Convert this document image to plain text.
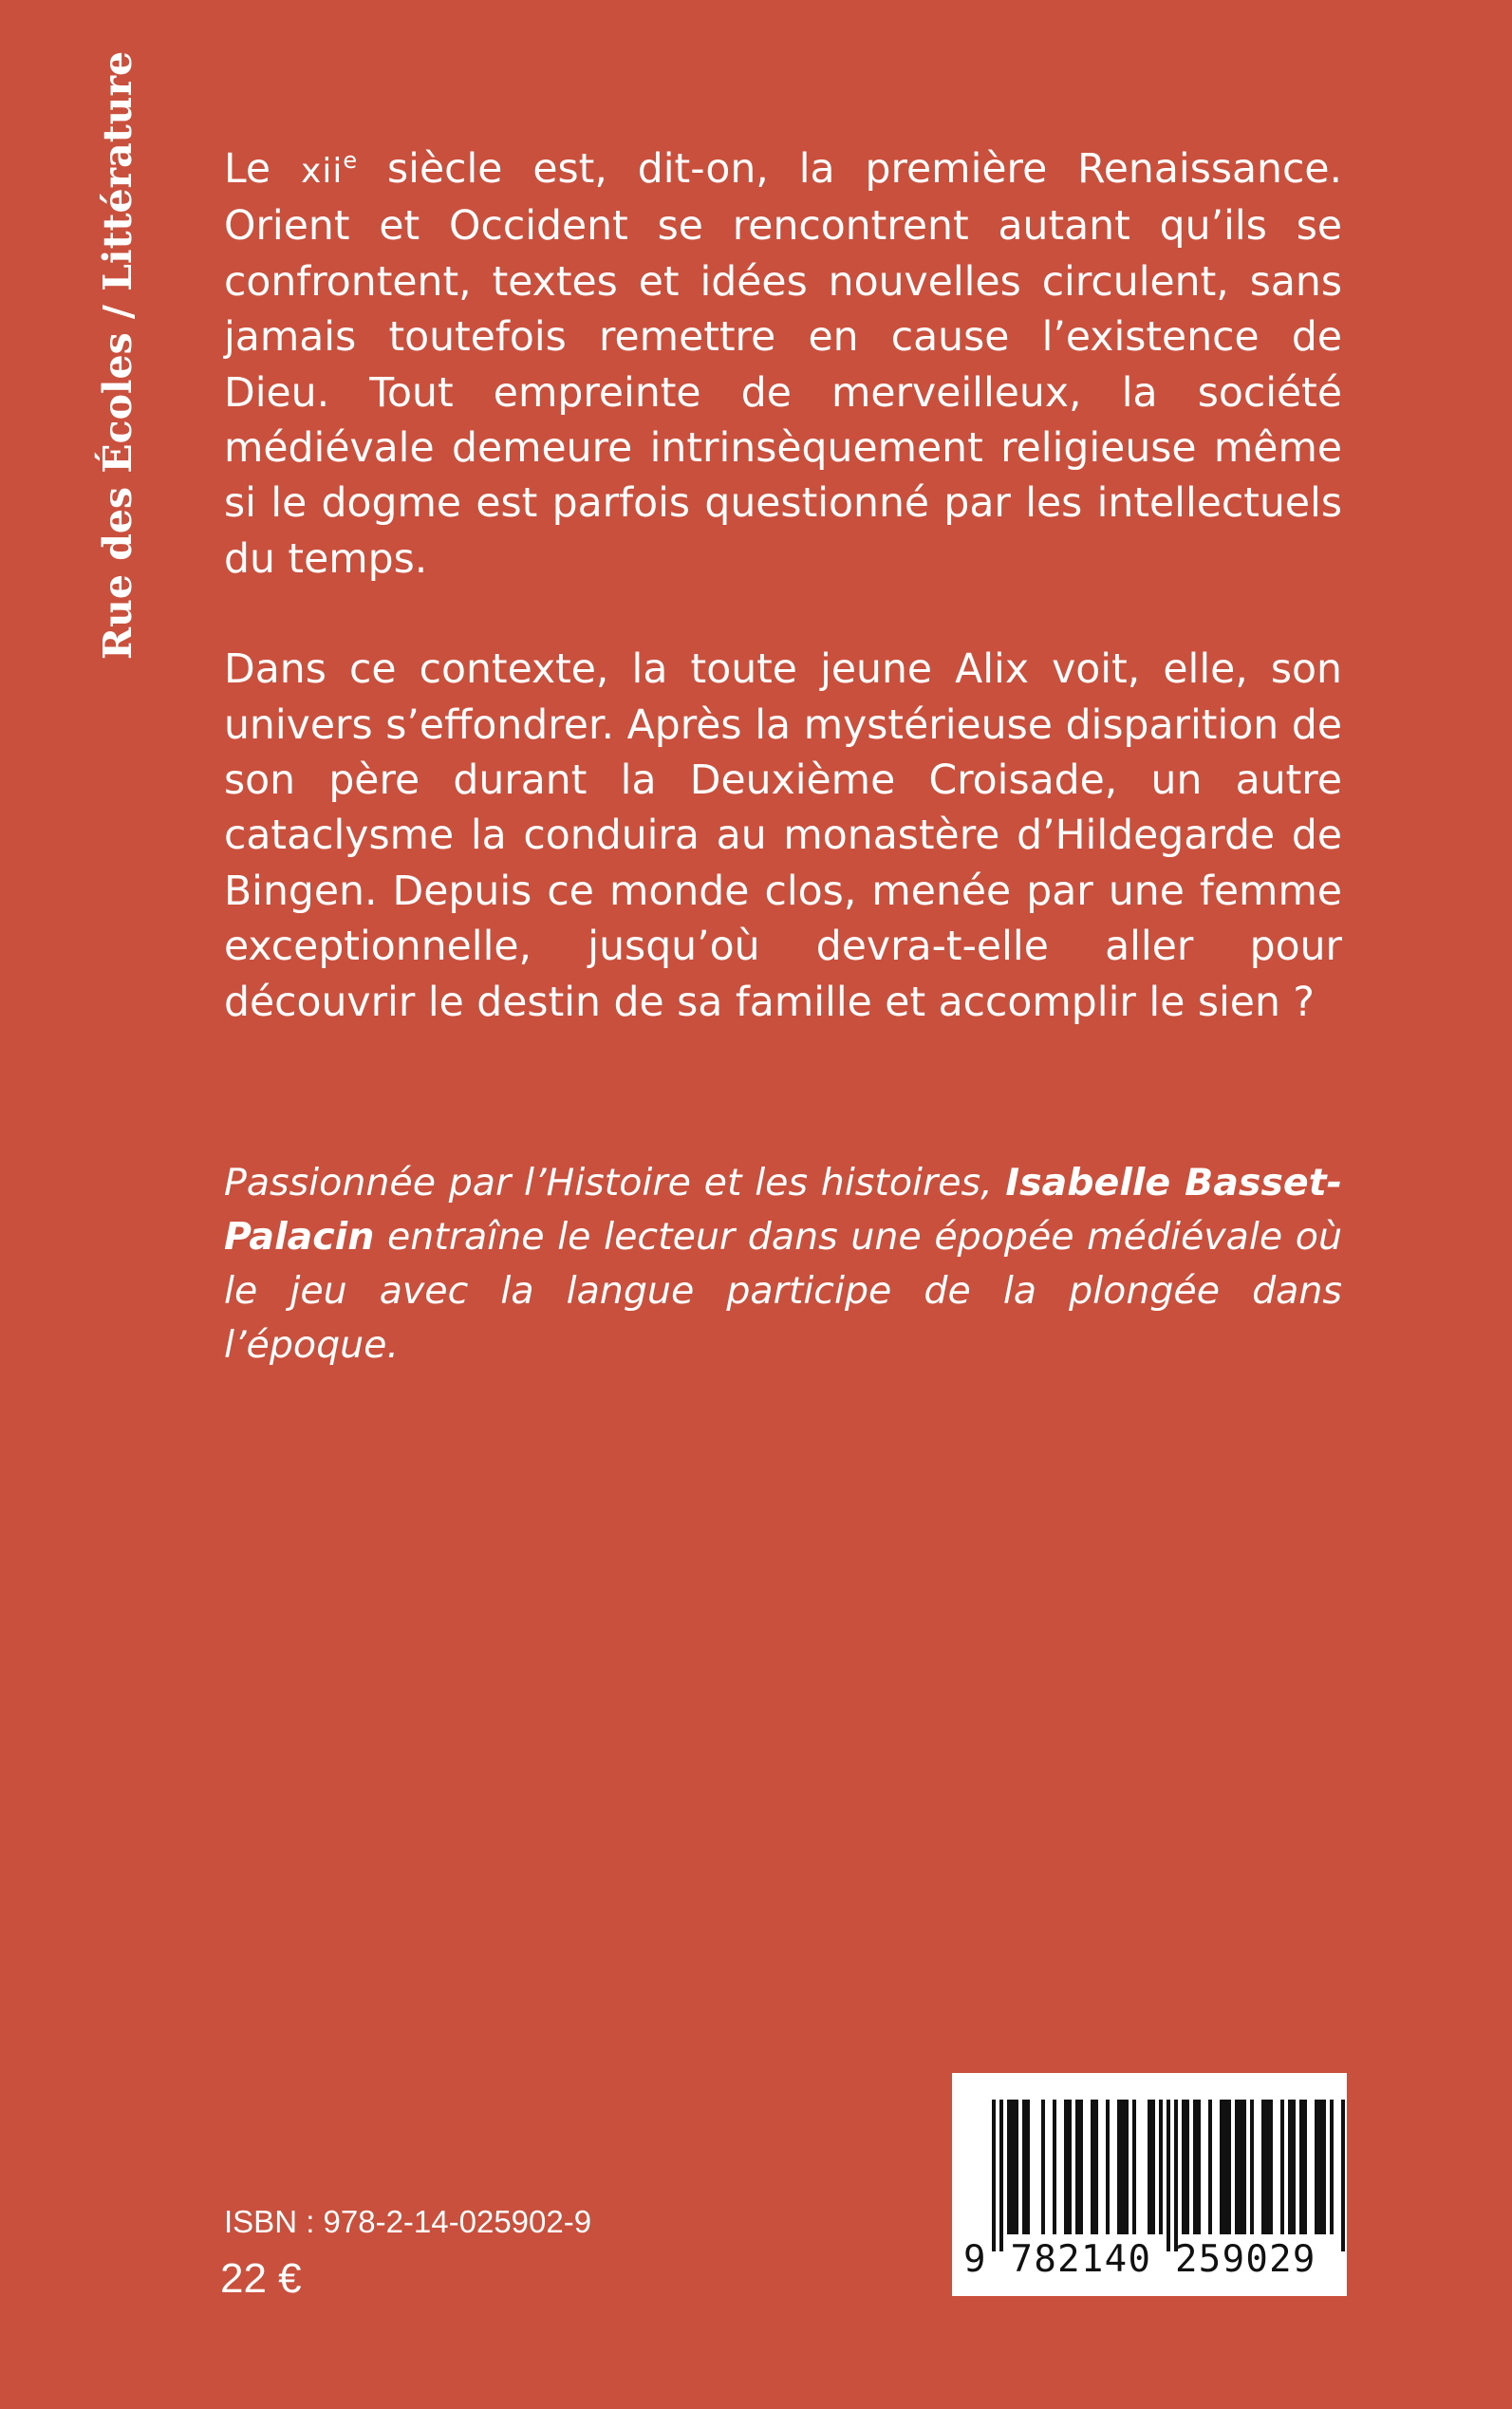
Rue des Écoles / Littérature Le xii$^e$ siècle est, dit-on, la première Renaissance. Orient et Occident se rencontrent autant qu’ils se confrontent, textes et idées nouvelles circulent, sans jamais toutefois remettre en cause l’existence de Dieu. Tout empreinte de merveilleux, la société médiévale demeure intrinsèquement religieuse même si le dogme est parfois questionné par les intellectuels du temps.

Dans ce contexte, la toute jeune Alix voit, elle, son univers s’effondrer. Après la mystérieuse disparition de son père durant la Deuxième Croisade, un autre cataclysme la conduira au monastère d’Hildegarde de Bingen. Depuis ce monde clos, menée par une femme exceptionnelle, jusqu’où devra-t-elle aller pour découvrir le destin de sa famille et accomplir le sien ?

Passionnée par l’Histoire et les histoires, Isabelle Basset-Palacin entraîne le lecteur dans une épopée médiévale où le jeu avec la langue participe de la plongée dans l’époque.

ISBN : 978-2-14-025902-9
22 €	9 782140 259029
